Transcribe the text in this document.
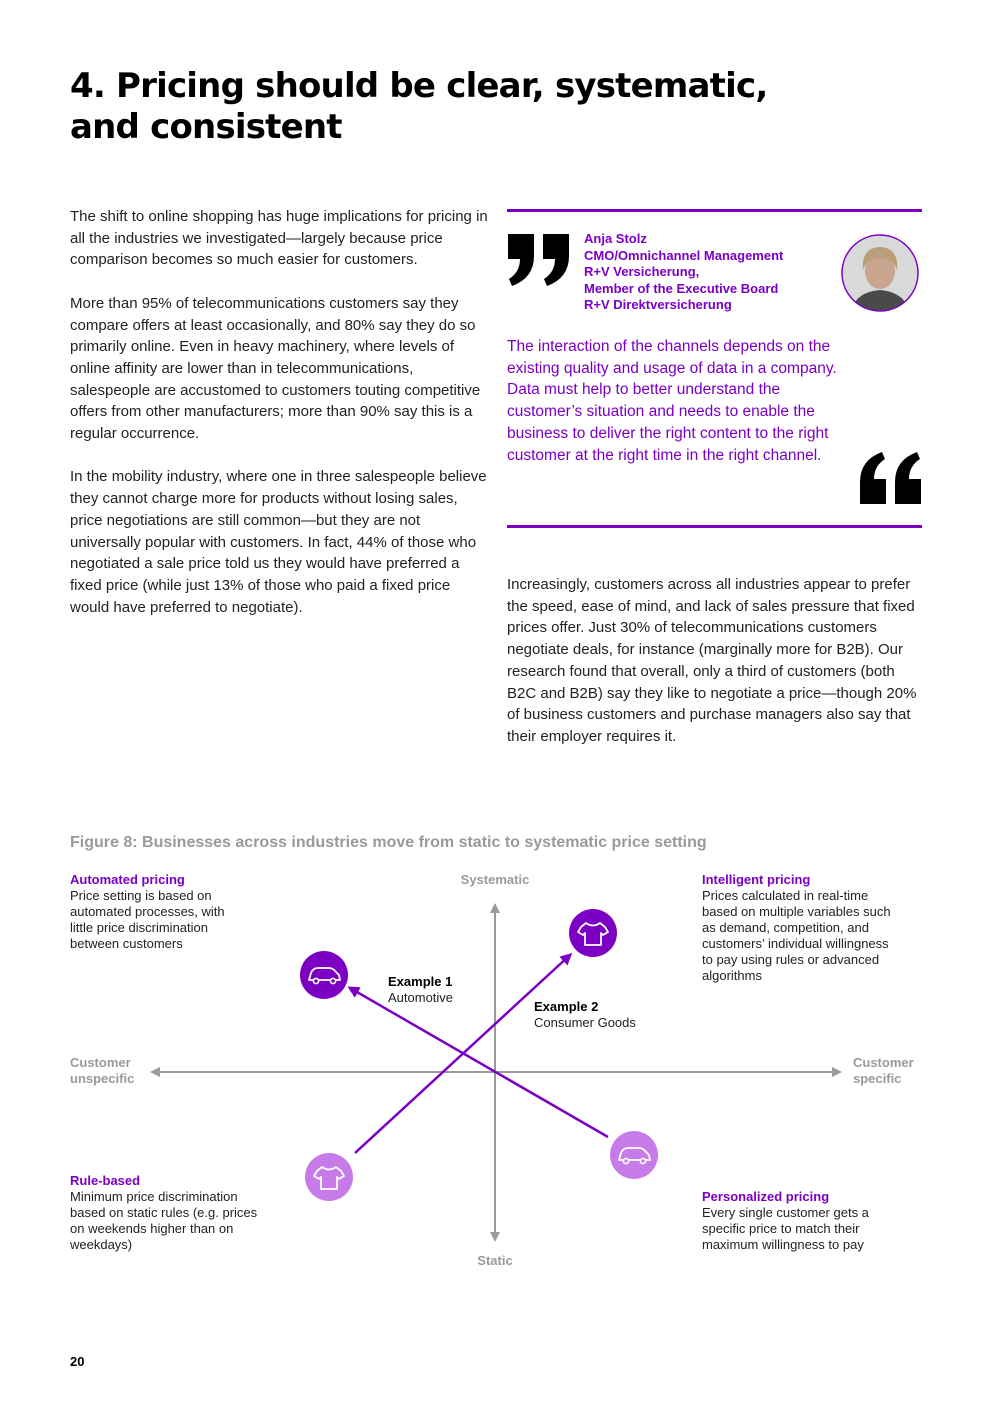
4. Pricing should be clear, systematic,
and consistent

The shift to online shopping has huge implications for pricing in all the industries we investigated—largely because price comparison becomes so much easier for customers.

More than 95% of telecommunications customers say they compare offers at least occasionally, and 80% say they do so primarily online. Even in heavy machinery, where levels of online affinity are lower than in telecommunications, salespeople are accustomed to customers touting competitive offers from other manufacturers; more than 90% say this is a regular occurrence.

In the mobility industry, where one in three salespeople believe they cannot charge more for products without losing sales, price negotiations are still common—but they are not universally popular with customers. In fact, 44% of those who negotiated a sale price told us they would have preferred a fixed price (while just 13% of those who paid a fixed price would have preferred to negotiate).

Anja Stolz
CMO/Omnichannel Management
R+V Versicherung,
Member of the Executive Board
R+V Direktversicherung
The interaction of the channels depends on the existing quality and usage of data in a company. Data must help to better understand the customer’s situation and needs to enable the business to deliver the right content to the right customer at the right time in the right channel.

Increasingly, customers across all industries appear to prefer the speed, ease of mind, and lack of sales pressure that fixed prices offer. Just 30% of telecommunications customers negotiate deals, for instance (marginally more for B2B). Our research found that overall, only a third of customers (both B2C and B2B) say they like to negotiate a price—though 20% of business customers and purchase managers also say that their employer requires it.

Figure 8: Businesses across industries move from static to systematic price setting
Systematic
Static
Customer
unspecific
Customer
specific
Automated pricing
Price setting is based on
automated processes, with
little price discrimination
between customers
Intelligent pricing
Prices calculated in real-time
based on multiple variables such
as demand, competition, and
customers’ individual willingness
to pay using rules or advanced
algorithms
Rule-based
Minimum price discrimination
based on static rules (e.g. prices
on weekends higher than on
weekdays)
Personalized pricing
Every single customer gets a
specific price to match their
maximum willingness to pay
Example 1
Automotive
Example 2
Consumer Goods
20
